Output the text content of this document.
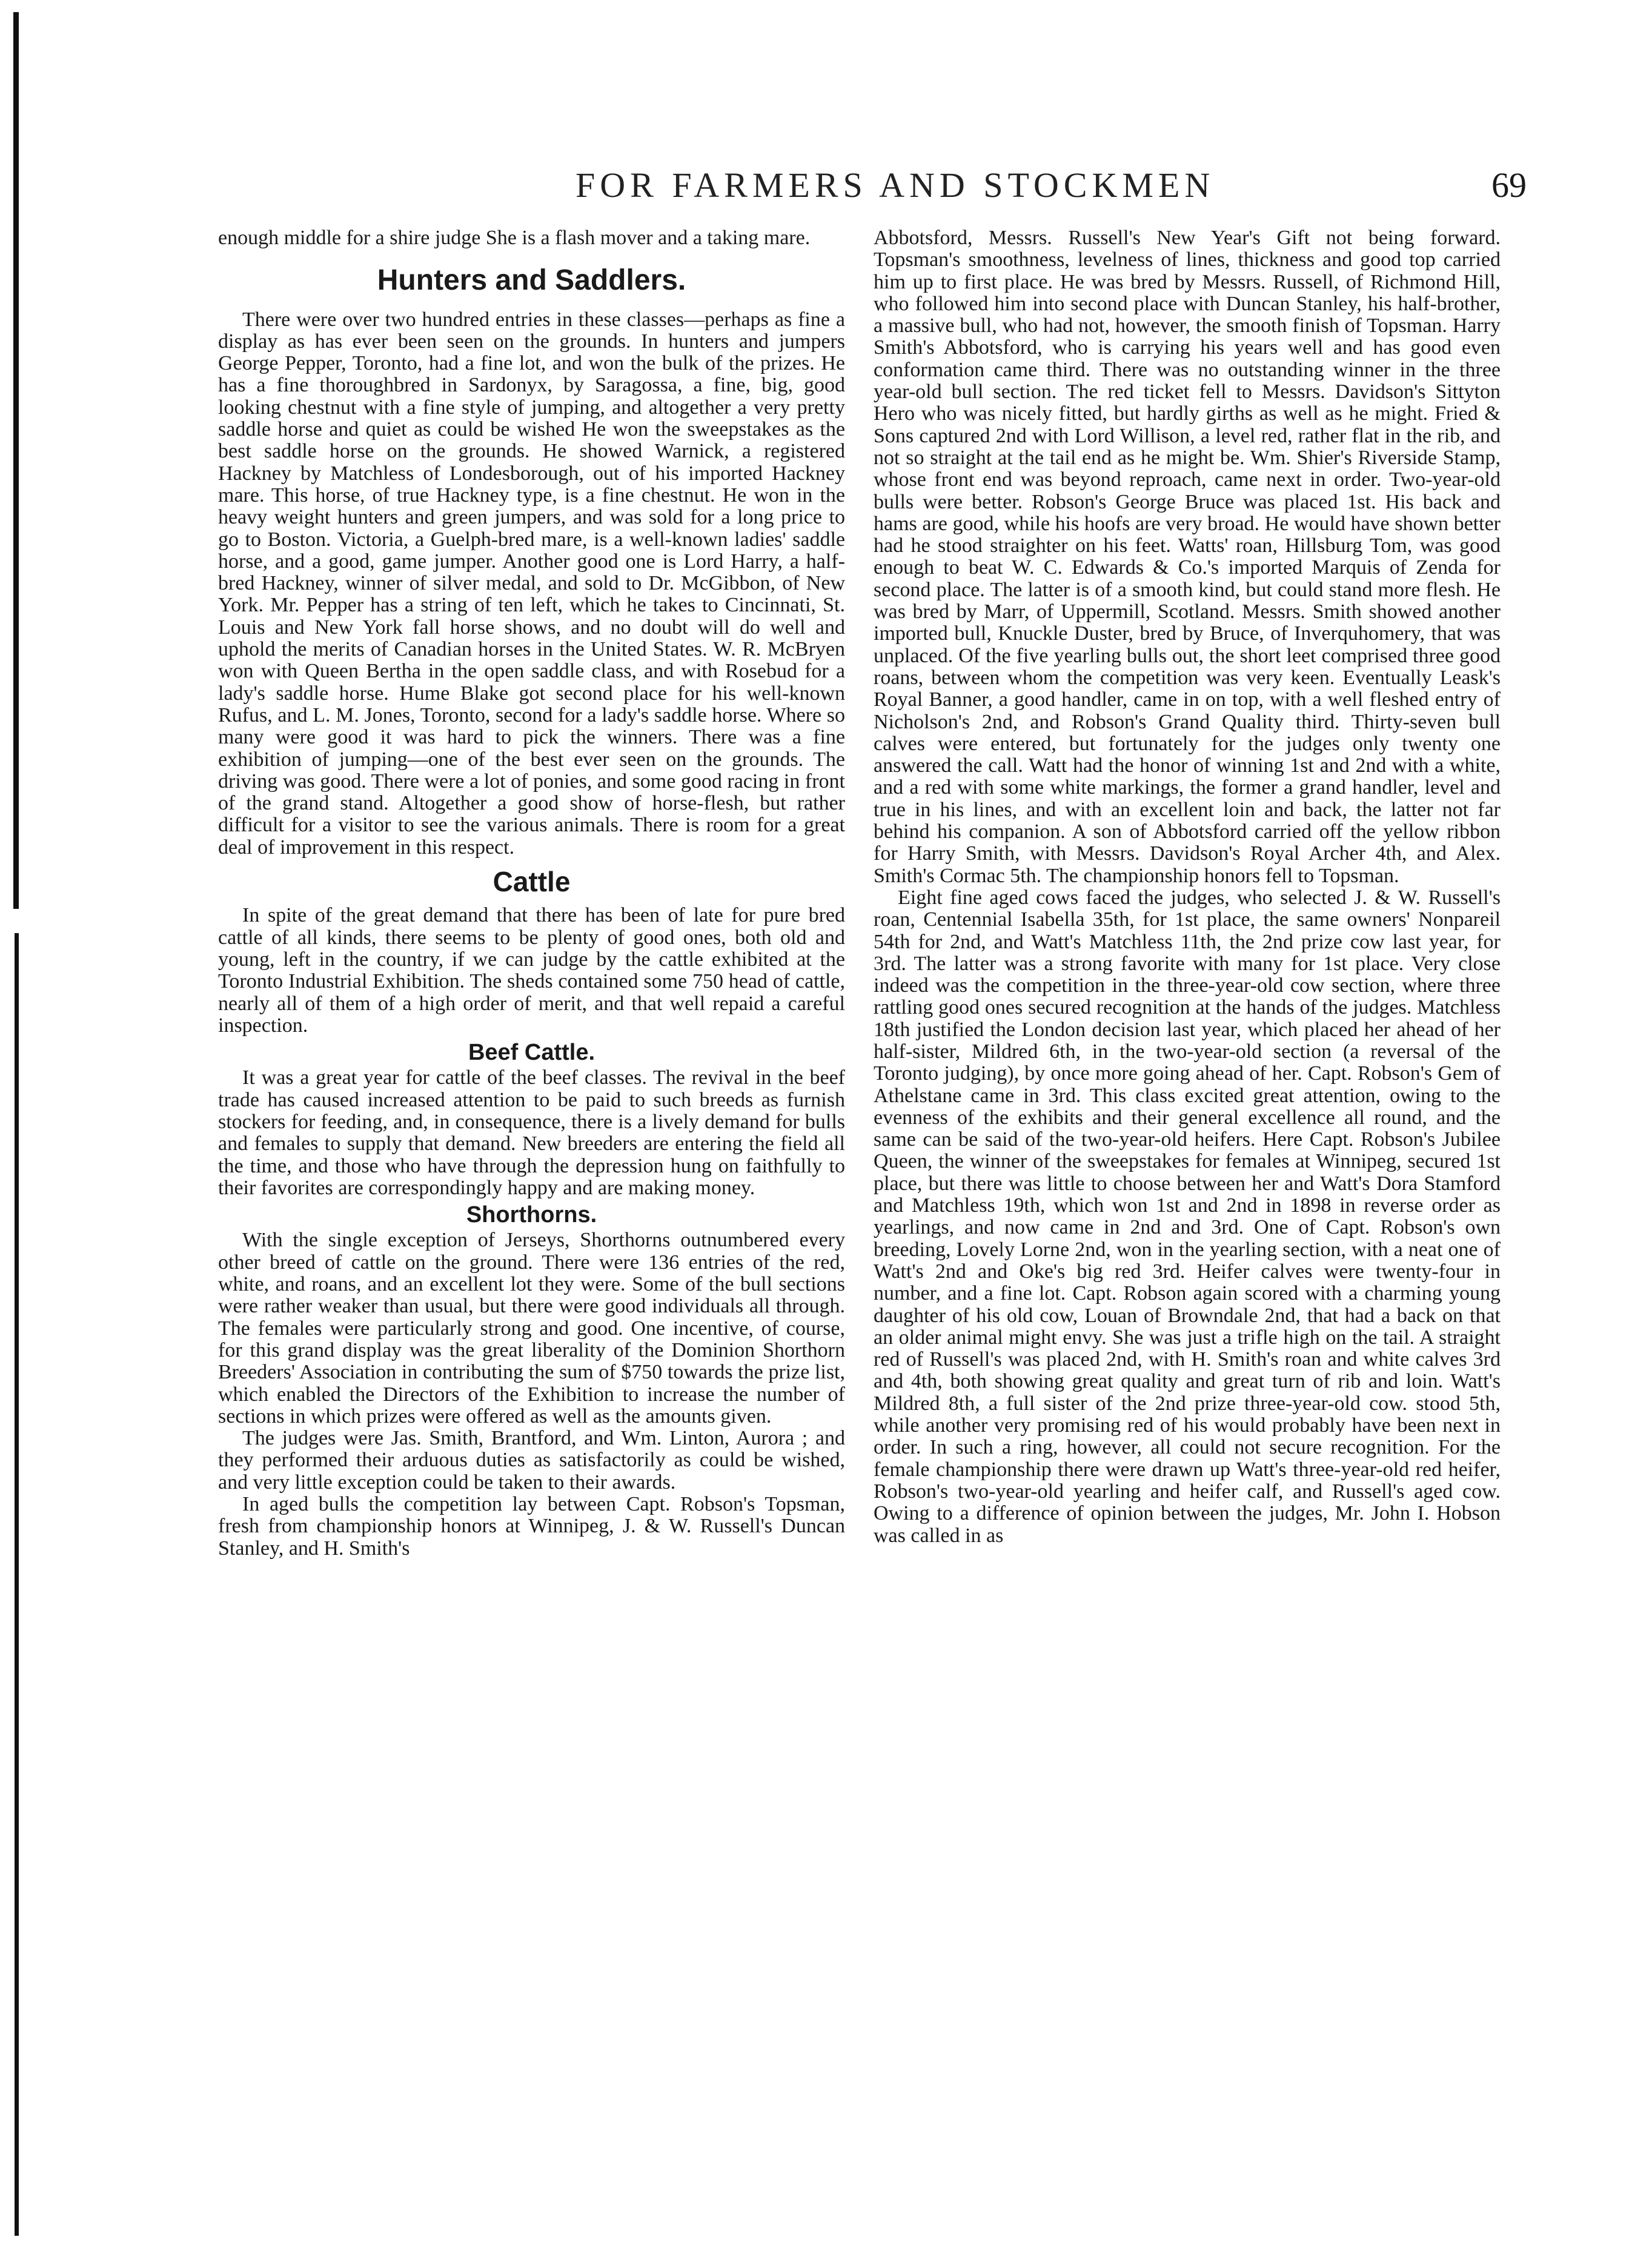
FOR FARMERS AND STOCKMEN	69

enough middle for a shire judge She is a flash mover and a taking mare.

Hunters and Saddlers.

There were over two hundred entries in these classes—perhaps as fine a display as has ever been seen on the grounds. In hunters and jumpers George Pepper, Toronto, had a fine lot, and won the bulk of the prizes. He has a fine thoroughbred in Sardonyx, by Saragossa, a fine, big, good looking chestnut with a fine style of jumping, and altogether a very pretty saddle horse and quiet as could be wished He won the sweepstakes as the best saddle horse on the grounds. He showed Warnick, a registered Hackney by Matchless of Londesborough, out of his imported Hackney mare. This horse, of true Hackney type, is a fine chestnut. He won in the heavy weight hunters and green jumpers, and was sold for a long price to go to Boston. Victoria, a Guelph-bred mare, is a well-known ladies' saddle horse, and a good, game jumper. Another good one is Lord Harry, a half-bred Hackney, winner of silver medal, and sold to Dr. McGibbon, of New York. Mr. Pepper has a string of ten left, which he takes to Cincinnati, St. Louis and New York fall horse shows, and no doubt will do well and uphold the merits of Canadian horses in the United States. W. R. McBryen won with Queen Bertha in the open saddle class, and with Rosebud for a lady's saddle horse. Hume Blake got second place for his well-known Rufus, and L. M. Jones, Toronto, second for a lady's saddle horse. Where so many were good it was hard to pick the winners. There was a fine exhibition of jumping—one of the best ever seen on the grounds. The driving was good. There were a lot of ponies, and some good racing in front of the grand stand. Altogether a good show of horse-flesh, but rather difficult for a visitor to see the various animals. There is room for a great deal of improvement in this respect.

Cattle

In spite of the great demand that there has been of late for pure bred cattle of all kinds, there seems to be plenty of good ones, both old and young, left in the country, if we can judge by the cattle exhibited at the Toronto Industrial Exhibition. The sheds contained some 750 head of cattle, nearly all of them of a high order of merit, and that well repaid a careful inspection.

Beef Cattle.

It was a great year for cattle of the beef classes. The revival in the beef trade has caused increased attention to be paid to such breeds as furnish stockers for feeding, and, in consequence, there is a lively demand for bulls and females to supply that demand. New breeders are entering the field all the time, and those who have through the depression hung on faithfully to their favorites are correspondingly happy and are making money.

Shorthorns.

With the single exception of Jerseys, Shorthorns outnumbered every other breed of cattle on the ground. There were 136 entries of the red, white, and roans, and an excellent lot they were. Some of the bull sections were rather weaker than usual, but there were good individuals all through. The females were particularly strong and good. One incentive, of course, for this grand display was the great liberality of the Dominion Shorthorn Breeders' Association in contributing the sum of $750 towards the prize list, which enabled the Directors of the Exhibition to increase the number of sections in which prizes were offered as well as the amounts given.

The judges were Jas. Smith, Brantford, and Wm. Linton, Aurora ; and they performed their arduous duties as satisfactorily as could be wished, and very little exception could be taken to their awards.

In aged bulls the competition lay between Capt. Robson's Topsman, fresh from championship honors at Winnipeg, J. & W. Russell's Duncan Stanley, and H. Smith's

Abbotsford, Messrs. Russell's New Year's Gift not being forward. Topsman's smoothness, levelness of lines, thickness and good top carried him up to first place. He was bred by Messrs. Russell, of Richmond Hill, who followed him into second place with Duncan Stanley, his half-brother, a massive bull, who had not, however, the smooth finish of Topsman. Harry Smith's Abbotsford, who is carrying his years well and has good even conformation came third. There was no outstanding winner in the three year-old bull section. The red ticket fell to Messrs. Davidson's Sittyton Hero who was nicely fitted, but hardly girths as well as he might. Fried & Sons captured 2nd with Lord Willison, a level red, rather flat in the rib, and not so straight at the tail end as he might be. Wm. Shier's Riverside Stamp, whose front end was beyond reproach, came next in order. Two-year-old bulls were better. Robson's George Bruce was placed 1st. His back and hams are good, while his hoofs are very broad. He would have shown better had he stood straighter on his feet. Watts' roan, Hillsburg Tom, was good enough to beat W. C. Edwards & Co.'s imported Marquis of Zenda for second place. The latter is of a smooth kind, but could stand more flesh. He was bred by Marr, of Uppermill, Scotland. Messrs. Smith showed another imported bull, Knuckle Duster, bred by Bruce, of Inverquhomery, that was unplaced. Of the five yearling bulls out, the short leet comprised three good roans, between whom the competition was very keen. Eventually Leask's Royal Banner, a good handler, came in on top, with a well fleshed entry of Nicholson's 2nd, and Robson's Grand Quality third. Thirty-seven bull calves were entered, but fortunately for the judges only twenty one answered the call. Watt had the honor of winning 1st and 2nd with a white, and a red with some white markings, the former a grand handler, level and true in his lines, and with an excellent loin and back, the latter not far behind his companion. A son of Abbotsford carried off the yellow ribbon for Harry Smith, with Messrs. Davidson's Royal Archer 4th, and Alex. Smith's Cormac 5th. The championship honors fell to Topsman.

Eight fine aged cows faced the judges, who selected J. & W. Russell's roan, Centennial Isabella 35th, for 1st place, the same owners' Nonpareil 54th for 2nd, and Watt's Matchless 11th, the 2nd prize cow last year, for 3rd. The latter was a strong favorite with many for 1st place. Very close indeed was the competition in the three-year-old cow section, where three rattling good ones secured recognition at the hands of the judges. Matchless 18th justified the London decision last year, which placed her ahead of her half-sister, Mildred 6th, in the two-year-old section (a reversal of the Toronto judging), by once more going ahead of her. Capt. Robson's Gem of Athelstane came in 3rd. This class excited great attention, owing to the evenness of the exhibits and their general excellence all round, and the same can be said of the two-year-old heifers. Here Capt. Robson's Jubilee Queen, the winner of the sweepstakes for females at Winnipeg, secured 1st place, but there was little to choose between her and Watt's Dora Stamford and Matchless 19th, which won 1st and 2nd in 1898 in reverse order as yearlings, and now came in 2nd and 3rd. One of Capt. Robson's own breeding, Lovely Lorne 2nd, won in the yearling section, with a neat one of Watt's 2nd and Oke's big red 3rd. Heifer calves were twenty-four in number, and a fine lot. Capt. Robson again scored with a charming young daughter of his old cow, Louan of Browndale 2nd, that had a back on that an older animal might envy. She was just a trifle high on the tail. A straight red of Russell's was placed 2nd, with H. Smith's roan and white calves 3rd and 4th, both showing great quality and great turn of rib and loin. Watt's Mildred 8th, a full sister of the 2nd prize three-year-old cow. stood 5th, while another very promising red of his would probably have been next in order. In such a ring, however, all could not secure recognition. For the female championship there were drawn up Watt's three-year-old red heifer, Robson's two-year-old yearling and heifer calf, and Russell's aged cow. Owing to a difference of opinion between the judges, Mr. John I. Hobson was called in as
